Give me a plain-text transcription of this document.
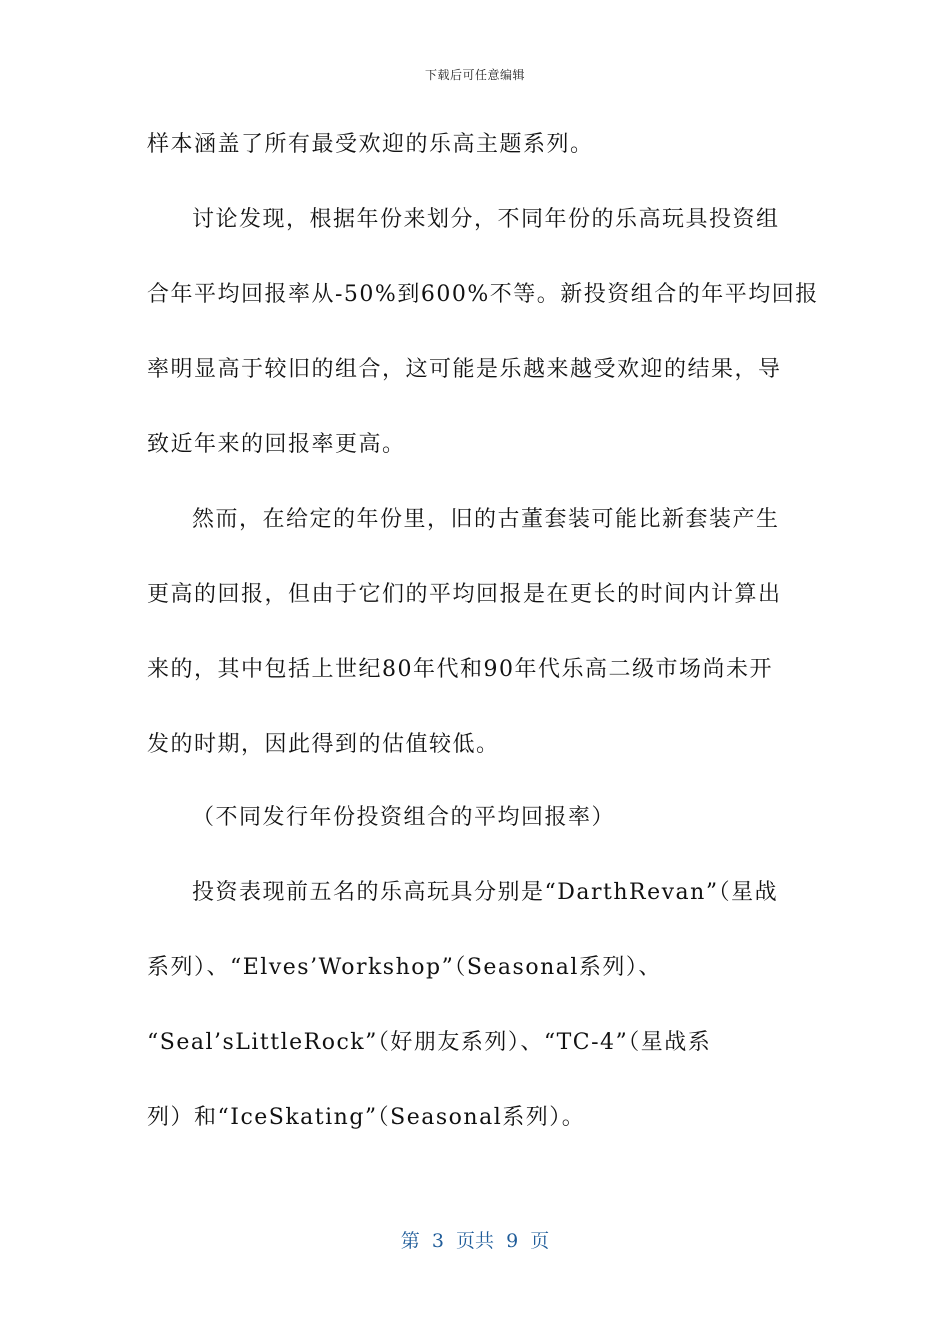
下载后可任意编辑
样本涵盖了所有最受欢迎的乐高主题系列。
讨论发现，根据年份来划分，不同年份的乐高玩具投资组
合年平均回报率从-50%到600%不等。新投资组合的年平均回报
率明显高于较旧的组合，这可能是乐越来越受欢迎的结果，导
致近年来的回报率更高。
然而，在给定的年份里，旧的古董套装可能比新套装产生
更高的回报，但由于它们的平均回报是在更长的时间内计算出
来的，其中包括上世纪80年代和90年代乐高二级市场尚未开
发的时期，因此得到的估值较低。
（不同发行年份投资组合的平均回报率）
投资表现前五名的乐高玩具分别是“DarthRevan”（星战
系列）、“Elves’Workshop”（Seasonal系列）、
“Seal’sLittleRock”（好朋友系列）、“TC-4”（星战系
列）和“IceSkating”（Seasonal系列）。
第  3  页共  9  页
